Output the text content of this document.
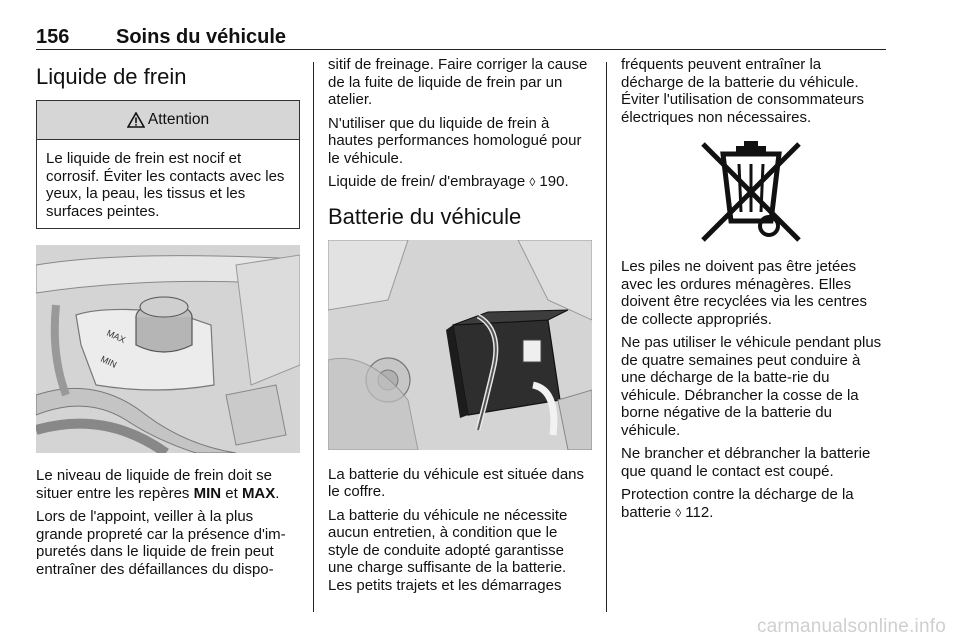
156 Soins du véhicule
Liquide de frein
Attention
Le liquide de frein est nocif et corrosif. Éviter les contacts avec les yeux, la peau, les tissus et les surfaces peintes.
MAX
MIN

Le niveau de liquide de frein doit se situer entre les repères MIN et MAX.

Lors de l'appoint, veiller à la plus grande propreté car la présence d'im‐puretés dans le liquide de frein peut entraîner des défaillances du dispo‐

sitif de freinage. Faire corriger la cause de la fuite de liquide de frein par un atelier.

N'utiliser que du liquide de frein à hautes performances homologué pour le véhicule.

Liquide de frein/ d'embrayage ◊ 190.

Batterie du véhicule

La batterie du véhicule est située dans le coffre.

La batterie du véhicule ne nécessite aucun entretien, à condition que le style de conduite adopté garantisse une charge suffisante de la batterie. Les petits trajets et les démarrages

fréquents peuvent entraîner la décharge de la batterie du véhicule. Éviter l'utilisation de consommateurs électriques non nécessaires.

Les piles ne doivent pas être jetées avec les ordures ménagères. Elles doivent être recyclées via les centres de collecte appropriés.

Ne pas utiliser le véhicule pendant plus de quatre semaines peut conduire à une décharge de la batte‐rie du véhicule. Débrancher la cosse de la borne négative de la batterie du véhicule.

Ne brancher et débrancher la batterie que quand le contact est coupé.

Protection contre la décharge de la batterie ◊ 112.

carmanualsonline.info
